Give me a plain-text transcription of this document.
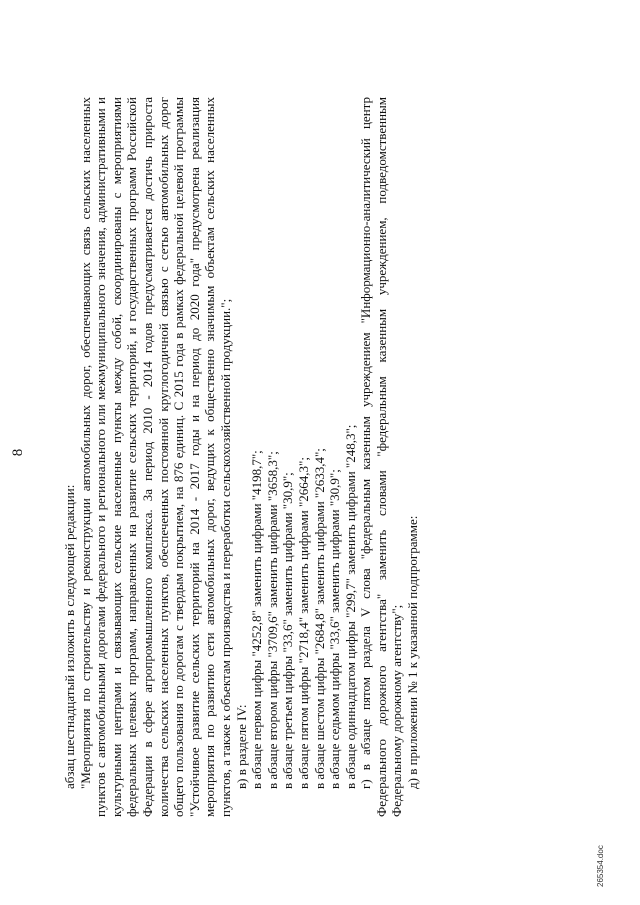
8

абзац шестнадцатый изложить в следующей редакции: "Мероприятия по строительству и реконструкции автомобильных дорог, обеспечивающих связь сельских населенных пунктов с автомобильными дорогами федерального и регионального или межмуниципального значения, административными и культурными центрами и связывающих сельские населенные пункты между собой, скоординированы с мероприятиями федеральных целевых программ, направленных на развитие сельских территорий, и государственных программ Российской Федерации в сфере агропромышленного комплекса. За период 2010 - 2014 годов предусматривается достичь прироста количества сельских населенных пунктов, обеспеченных постоянной круглогодичной связью с сетью автомобильных дорог общего пользования по дорогам с твердым покрытием, на 876 единиц. С 2015 года в рамках федеральной целевой программы "Устойчивое развитие сельских территорий на 2014 - 2017 годы и на период до 2020 года" предусмотрена реализация мероприятия по развитию сети автомобильных дорог, ведущих к общественно значимым объектам сельских населенных пунктов, а также к объектам производства и переработки сельскохозяйственной продукции."; в) в разделе IV: в абзаце первом цифры "4252,8" заменить цифрами "4198,7"; в абзаце втором цифры "3709,6" заменить цифрами "3658,3"; в абзаце третьем цифры "33,6" заменить цифрами "30,9"; в абзаце пятом цифры "2718,4" заменить цифрами "2664,3"; в абзаце шестом цифры "2684,8" заменить цифрами "2633,4"; в абзаце седьмом цифры "33,6" заменить цифрами "30,9"; в абзаце одиннадцатом цифры "299,7" заменить цифрами "248,3"; г) в абзаце пятом раздела V слова "федеральным казенным учреждением "Информационно-аналитический центр Федерального дорожного агентства" заменить словами "федеральным казенным учреждением, подведомственным Федеральному дорожному агентству"; д) в приложении № 1 к указанной подпрограмме:

265354.doc
